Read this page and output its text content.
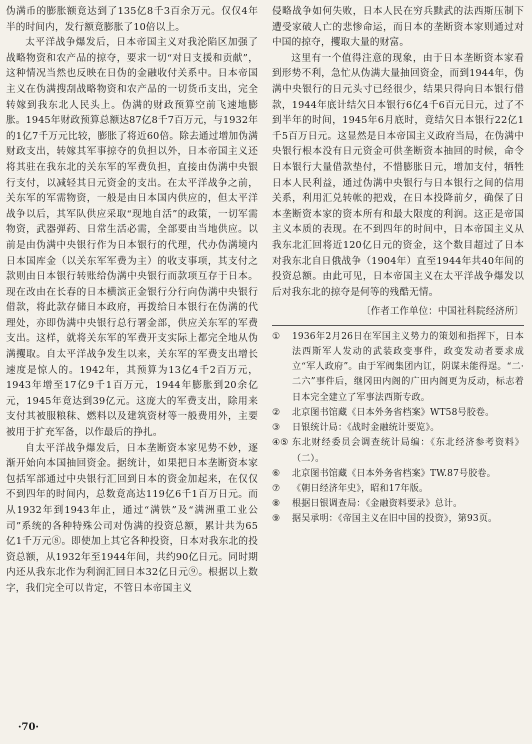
伪满币的膨胀额竟达到了135亿8千3百余万元。仅仅4年半的时间内，发行额竟膨胀了10倍以上。

太平洋战争爆发后，日本帝国主义对我沦陷区加强了战略物资和农产品的掠夺，要求一切“对日支援和贡献”，这种情况当然也反映在日伪的金融收付关系中。日本帝国主义在伪满搜刮战略物资和农产品的一切货币支出，完全转嫁到我东北人民头上。伪满的财政预算空前飞速地膨胀。1945年财政预算总额达87亿8千7百万元，与1932年的1亿7千万元比较，膨胀了将近60倍。除去通过增加伪满财政支出，转嫁其军事掠夺的负担以外，日本帝国主义还将其驻在我东北的关东军的军费负担，直接由伪满中央银行支付，以减轻其日元资金的支出。在太平洋战争之前，关东军的军需物资，一般是由日本国内供应的，但太平洋战争以后，其军队供应采取“现地自活”的政策，一切军需物资，武器弹药、日常生活必需，全部要由当地供应。以前是由伪满中央银行作为日本银行的代理，代办伪满境内日本国库金（以关东军军费为主）的收支事项，其支付之款则由日本银行转账给伪满中央银行而款项互存于日本。现在改由在长春的日本横滨正金银行分行向伪满中央银行借款，将此款存储日本政府，再拨给日本银行在伪满的代理处，亦即伪满中央银行总行署金部，供应关东军的军费支出。这样，就将关东军的军费开支实际上都完全地从伪满攫取。自太平洋战争发生以来，关东军的军费支出增长速度是惊人的。1942年，其预算为13亿4千2百万元，1943年增至17亿9千1百万元，1944年膨胀到20余亿元，1945年竟达到39亿元。这庞大的军费支出，除用来支付其被服粮秣、燃料以及建筑资材等一般费用外，主要被用于扩充军备，以作最后的挣扎。

自太平洋战争爆发后，日本垄断资本家见势不妙，逐渐开始向本国抽回资金。据统计，如果把日本垄断资本家包括军部通过中央银行汇回到日本的资金加起来，在仅仅不到四年的时间内，总数竟高达119亿6千1百万日元。而从1932年到1943年止，通过“满铁”及“满洲重工业公司”系统的各种特殊公司对伪满的投资总额，累计共为65亿1千万元⑧。即使加上其它各种投资，日本对我东北的投资总额，从1932年至1944年间，共约90亿日元。同时期内还从我东北作为利润汇回日本32亿日元⑨。根据以上数字，我们完全可以肯定，不管日本帝国主义

侵略战争如何失败，日本人民在穷兵黩武的法西斯压制下遭受家破人亡的悲惨命运，而日本的垄断资本家则通过对中国的掠夺，攫取大量的财富。

这里有一个值得注意的现象，由于日本垄断资本家看到形势不利，急忙从伪满大量抽回资金，而到1944年，伪满中央银行的日元头寸已经很少，结果只得向日本银行借款，1944年底计结欠日本银行6亿4千6百元日元，过了不到半年的时间，1945年6月底时，竟结欠日本银行22亿1千5百万日元。这显然是日本帝国主义政府当局，在伪满中央银行根本没有日元资金可供垄断资本抽回的时候，命令日本银行大量借款垫付，不惜膨胀日元，增加支付，牺牲日本人民利益，通过伪满中央银行与日本银行之间的信用关系，利用汇兑转帐的把戏，在日本投降前夕，确保了日本垄断资本家的资本所有和最大限度的利润。这正是帝国主义本质的表现。在不到四年的时间中，日本帝国主义从我东北汇回将近120亿日元的资金，这个数目超过了日本对我东北自日俄战争（1904年）直至1944年共40年间的投资总额。由此可见，日本帝国主义在太平洋战争爆发以后对我东北的掠夺是何等的残酷无情。

〔作者工作单位：中国社科院经济所〕
①	1936年2月26日在军国主义势力的策划和指挥下，日本法西斯军人发动的武装政变事件，政变发动者要求成立“军人政府”。由于军阀集团内讧，阴谋未能得逞。“二·二六”事件后，继冈田内阁的广田内阁更为反动，标志着日本完全建立了军事法西斯专政。
②	北京图书馆藏《日本外务省档案》WT58号胶卷。
③	日银统计局：《战时金融统计要览》。
④⑤ 东北财经委员会调查统计局编：《东北经济参考资料》（二）。
⑥	北京图书馆藏《日本外务省档案》TW.87号胶卷。
⑦	《朝日经济年史》，昭和17年版。
⑧	根据日银调查局：《金融资料要录》总计。
⑨	据吴承明：《帝国主义在旧中国的投资》，第93页。
·70·
